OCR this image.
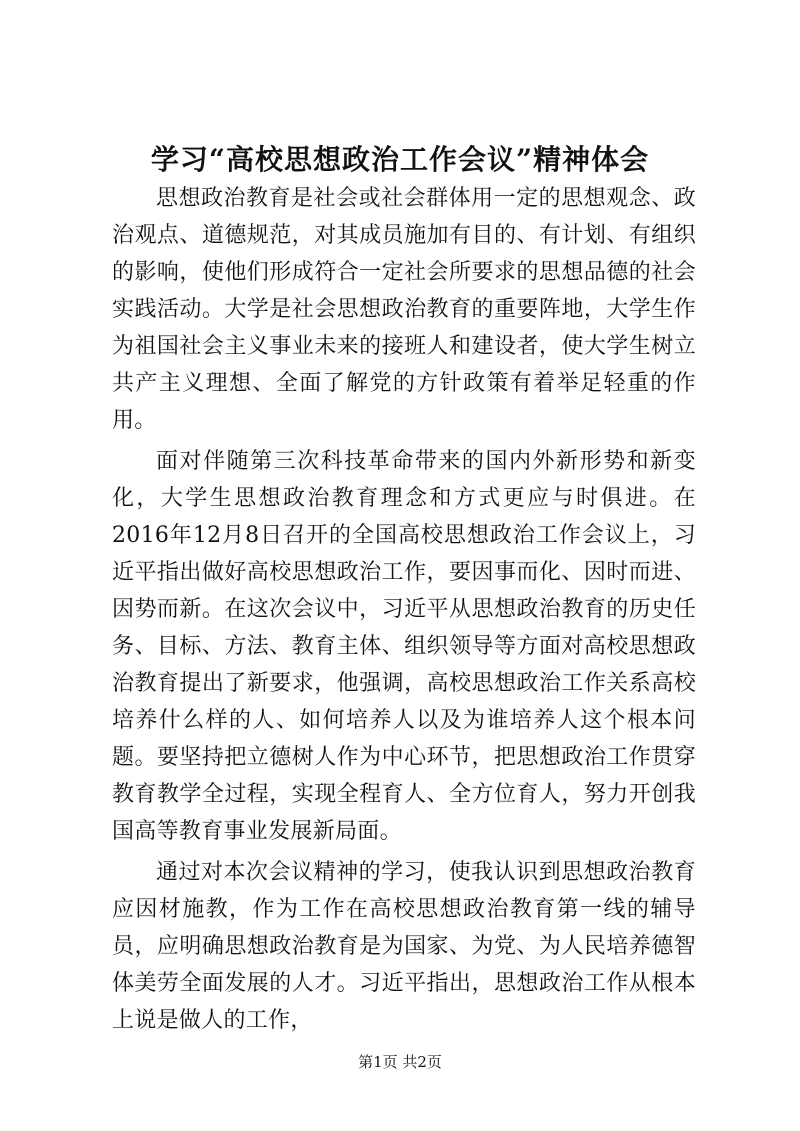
学习“高校思想政治工作会议”精神体会

思想政治教育是社会或社会群体用一定的思想观念、政治观点、道德规范，对其成员施加有目的、有计划、有组织的影响，使他们形成符合一定社会所要求的思想品德的社会实践活动。大学是社会思想政治教育的重要阵地，大学生作为祖国社会主义事业未来的接班人和建设者，使大学生树立共产主义理想、全面了解党的方针政策有着举足轻重的作用。

面对伴随第三次科技革命带来的国内外新形势和新变化，大学生思想政治教育理念和方式更应与时俱进。在2016年12月8日召开的全国高校思想政治工作会议上，习近平指出做好高校思想政治工作，要因事而化、因时而进、因势而新。在这次会议中，习近平从思想政治教育的历史任务、目标、方法、教育主体、组织领导等方面对高校思想政治教育提出了新要求，他强调，高校思想政治工作关系高校培养什么样的人、如何培养人以及为谁培养人这个根本问题。要坚持把立德树人作为中心环节，把思想政治工作贯穿教育教学全过程，实现全程育人、全方位育人，努力开创我国高等教育事业发展新局面。

通过对本次会议精神的学习，使我认识到思想政治教育应因材施教，作为工作在高校思想政治教育第一线的辅导员，应明确思想政治教育是为国家、为党、为人民培养德智体美劳全面发展的人才。习近平指出，思想政治工作从根本上说是做人的工作，

第1页 共2页
